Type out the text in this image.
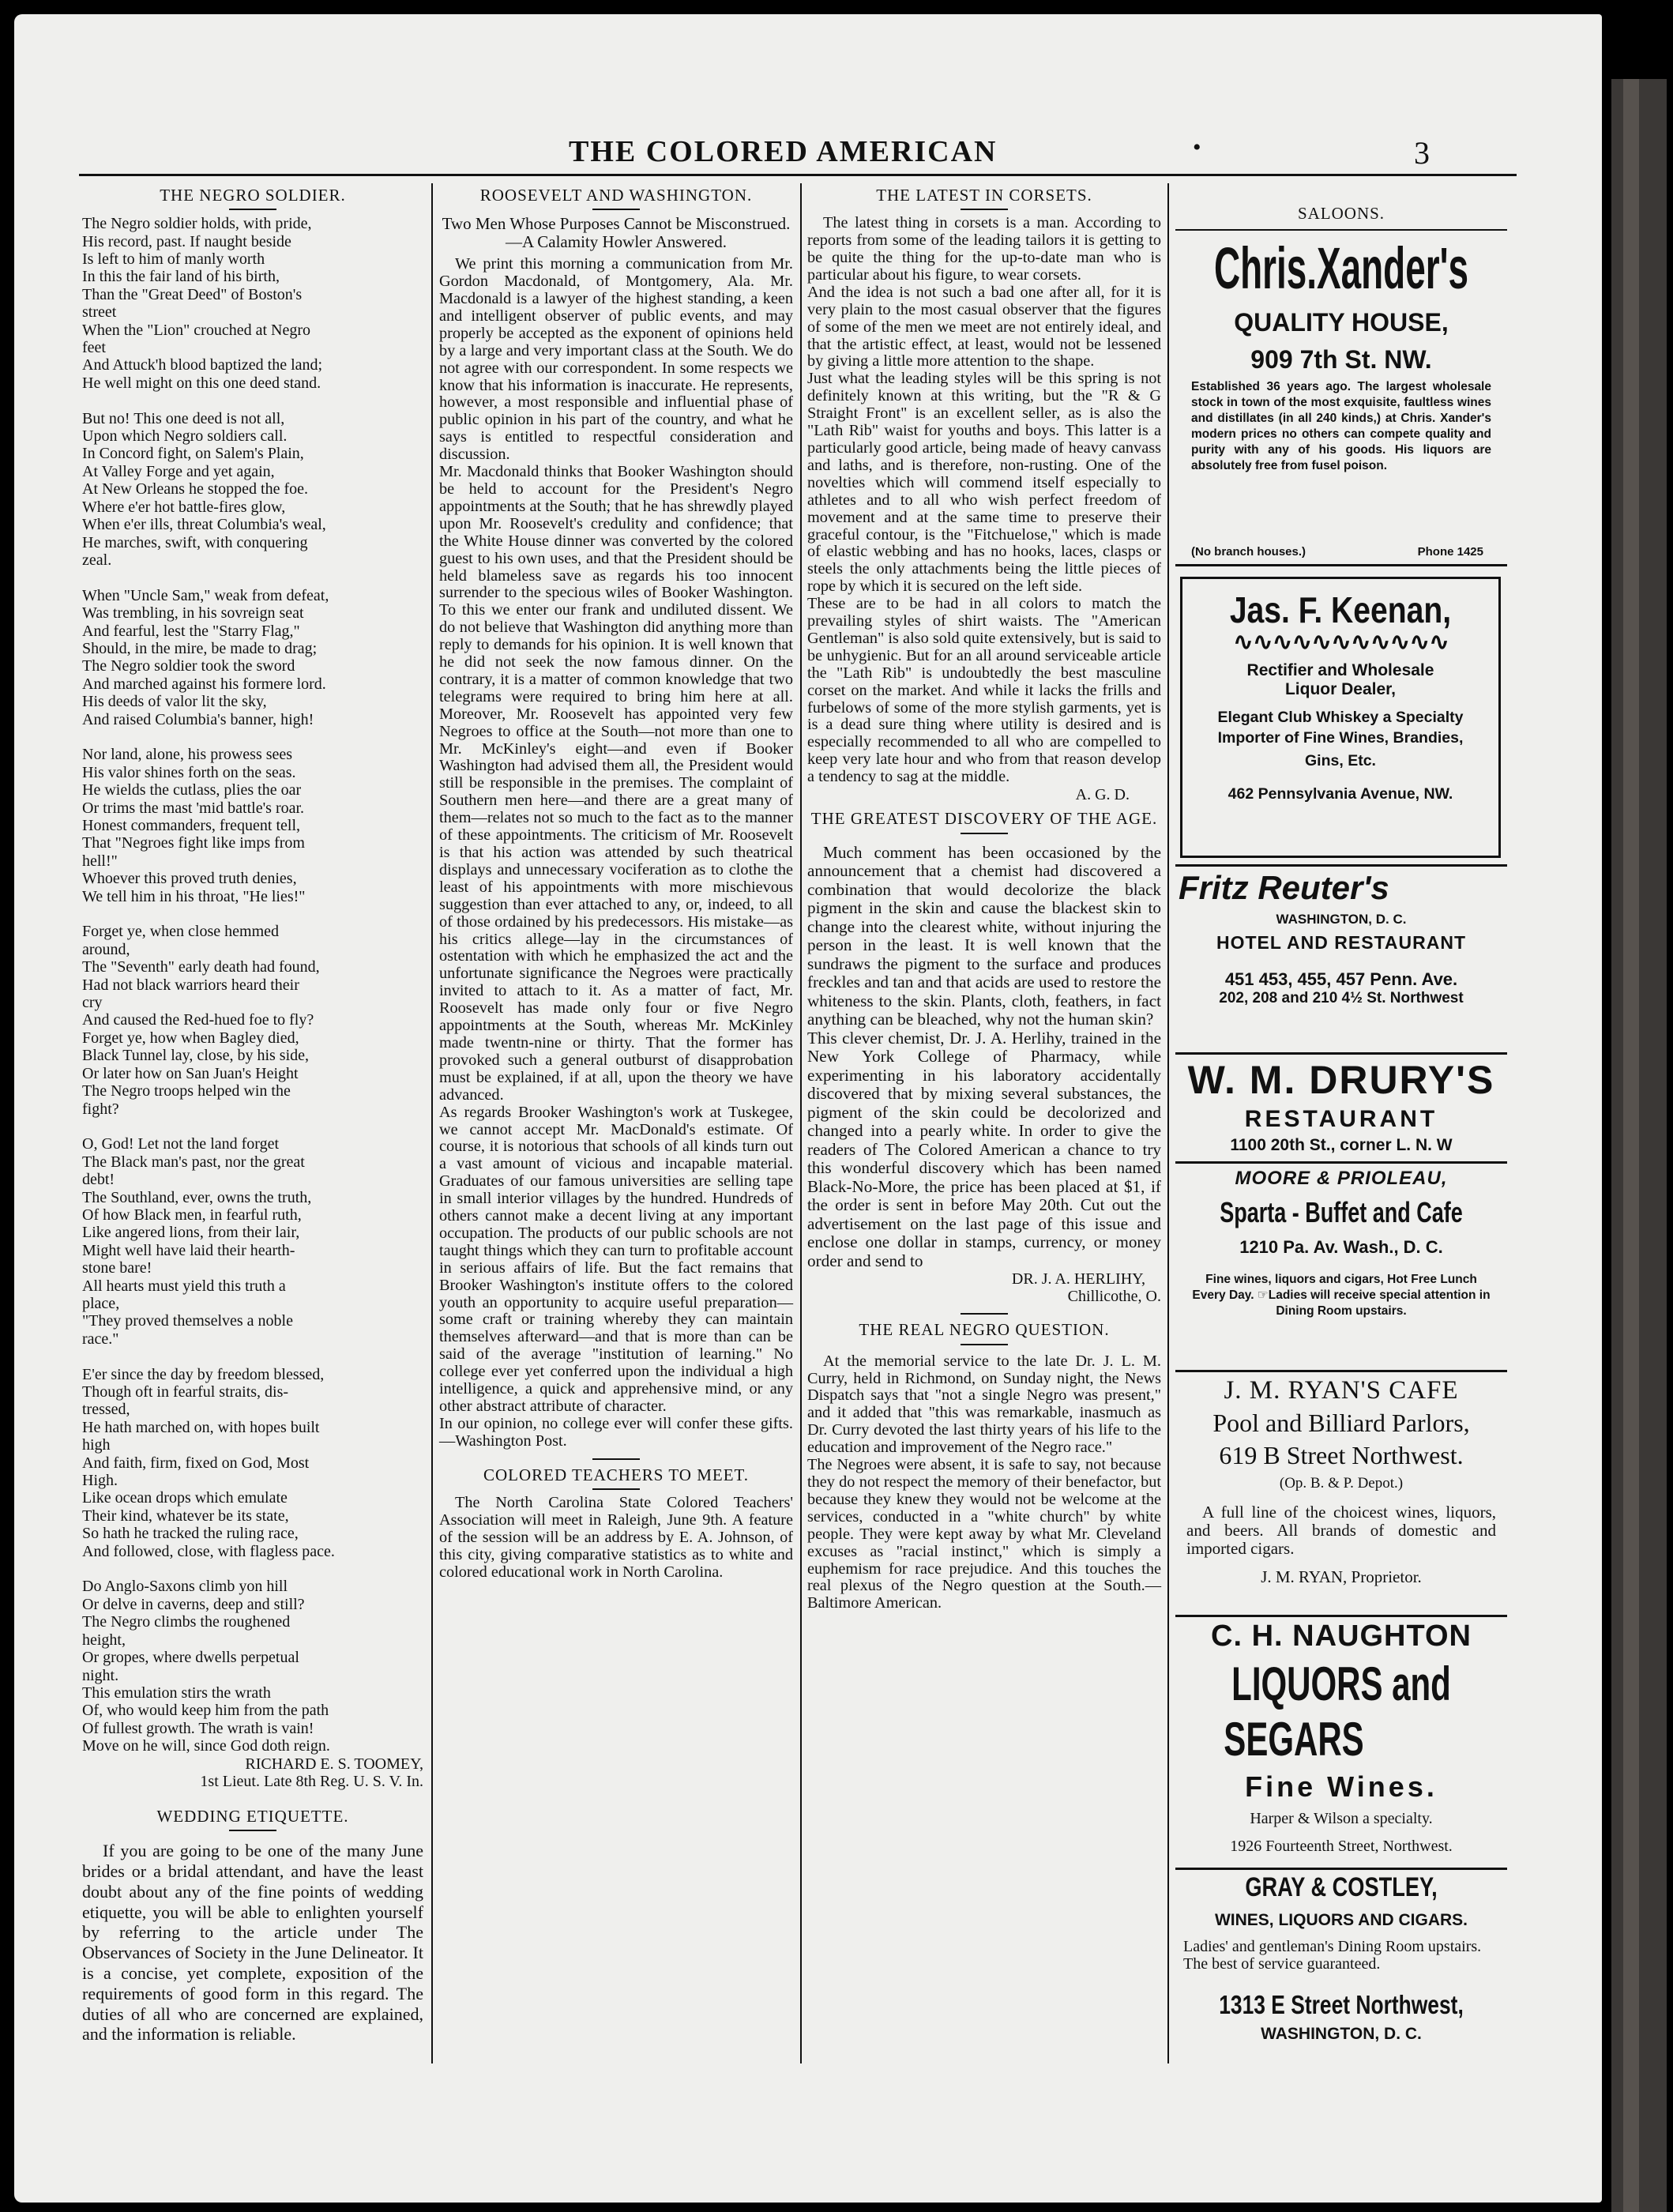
THE COLORED AMERICAN	•	3

THE NEGRO SOLDIER.

The Negro soldier holds, with pride,
His record, past. If naught beside
Is left to him of manly worth
In this the fair land of his birth,
Than the "Great Deed" of Boston's
street
When the "Lion" crouched at Negro
feet
And Attuck'h blood baptized the land;
He well might on this one deed stand.

But no! This one deed is not all,
Upon which Negro soldiers call.
In Concord fight, on Salem's Plain,
At Valley Forge and yet again,
At New Orleans he stopped the foe.
Where e'er hot battle-fires glow,
When e'er ills, threat Columbia's weal,
He marches, swift, with conquering
zeal.

When "Uncle Sam," weak from defeat,
Was trembling, in his sovreign seat
And fearful, lest the "Starry Flag,"
Should, in the mire, be made to drag;
The Negro soldier took the sword
And marched against his formere lord.
His deeds of valor lit the sky,
And raised Columbia's banner, high!

Nor land, alone, his prowess sees
His valor shines forth on the seas.
He wields the cutlass, plies the oar
Or trims the mast 'mid battle's roar.
Honest commanders, frequent tell,
That "Negroes fight like imps from
hell!"
Whoever this proved truth denies,
We tell him in his throat, "He lies!"

Forget ye, when close hemmed
around,
The "Seventh" early death had found,
Had not black warriors heard their
cry
And caused the Red-hued foe to fly?
Forget ye, how when Bagley died,
Black Tunnel lay, close, by his side,
Or later how on San Juan's Height
The Negro troops helped win the
fight?

O, God! Let not the land forget
The Black man's past, nor the great
debt!
The Southland, ever, owns the truth,
Of how Black men, in fearful ruth,
Like angered lions, from their lair,
Might well have laid their hearth-
stone bare!
All hearts must yield this truth a
place,
"They proved themselves a noble
race."

E'er since the day by freedom blessed,
Though oft in fearful straits, dis-
tressed,
He hath marched on, with hopes built
high
And faith, firm, fixed on God, Most
High.
Like ocean drops which emulate
Their kind, whatever be its state,
So hath he tracked the ruling race,
And followed, close, with flagless pace.

Do Anglo-Saxons climb yon hill
Or delve in caverns, deep and still?
The Negro climbs the roughened
height,
Or gropes, where dwells perpetual
night.
This emulation stirs the wrath
Of, who would keep him from the path
Of fullest growth. The wrath is vain!
Move on he will, since God doth reign.

RICHARD E. S. TOOMEY,
1st Lieut. Late 8th Reg. U. S. V. In.

WEDDING ETIQUETTE.

If you are going to be one of the many June brides or a bridal attendant, and have the least doubt about any of the fine points of wedding etiquette, you will be able to enlighten yourself by referring to the article under The Observances of Society in the June Delineator. It is a concise, yet complete, exposition of the requirements of good form in this regard. The duties of all who are concerned are explained, and the information is reliable.

ROOSEVELT AND WASHINGTON.

Two Men Whose Purposes Cannot be Misconstrued.—A Calamity Howler Answered.

We print this morning a communication from Mr. Gordon Macdonald, of Montgomery, Ala. Mr. Macdonald is a lawyer of the highest standing, a keen and intelligent observer of public events, and may properly be accepted as the exponent of opinions held by a large and very important class at the South. We do not agree with our correspondent. In some respects we know that his information is inaccurate. He represents, however, a most responsible and influential phase of public opinion in his part of the country, and what he says is entitled to respectful consideration and discussion.
Mr. Macdonald thinks that Booker Washington should be held to account for the President's Negro appointments at the South; that he has shrewdly played upon Mr. Roosevelt's credulity and confidence; that the White House dinner was converted by the colored guest to his own uses, and that the President should be held blameless save as regards his too innocent surrender to the specious wiles of Booker Washington. To this we enter our frank and undiluted dissent. We do not believe that Washington did anything more than reply to demands for his opinion. It is well known that he did not seek the now famous dinner. On the contrary, it is a matter of common knowledge that two telegrams were required to bring him here at all. Moreover, Mr. Roosevelt has appointed very few Negroes to office at the South—not more than one to Mr. McKinley's eight—and even if Booker Washington had advised them all, the President would still be responsible in the premises. The complaint of Southern men here—and there are a great many of them—relates not so much to the fact as to the manner of these appointments. The criticism of Mr. Roosevelt is that his action was attended by such theatrical displays and unnecessary vociferation as to clothe the least of his appointments with more mischievous suggestion than ever attached to any, or, indeed, to all of those ordained by his predecessors. His mistake—as his critics allege—lay in the circumstances of ostentation with which he emphasized the act and the unfortunate significance the Negroes were practically invited to attach to it. As a matter of fact, Mr. Roosevelt has made only four or five Negro appointments at the South, whereas Mr. McKinley made twentn-nine or thirty. That the former has provoked such a general outburst of disapprobation must be explained, if at all, upon the theory we have advanced.
As regards Brooker Washington's work at Tuskegee, we cannot accept Mr. MacDonald's estimate. Of course, it is notorious that schools of all kinds turn out a vast amount of vicious and incapable material. Graduates of our famous universities are selling tape in small interior villages by the hundred. Hundreds of others cannot make a decent living at any important occupation. The products of our public schools are not taught things which they can turn to profitable account in serious affairs of life. But the fact remains that Brooker Washington's institute offers to the colored youth an opportunity to acquire useful preparation—some craft or training whereby they can maintain themselves afterward—and that is more than can be said of the average "institution of learning." No college ever yet conferred upon the individual a high intelligence, a quick and apprehensive mind, or any other abstract attribute of character.
In our opinion, no college ever will confer these gifts.—Washington Post.

COLORED TEACHERS TO MEET.

The North Carolina State Colored Teachers' Association will meet in Raleigh, June 9th. A feature of the session will be an address by E. A. Johnson, of this city, giving comparative statistics as to white and colored educational work in North Carolina.

THE LATEST IN CORSETS.

The latest thing in corsets is a man. According to reports from some of the leading tailors it is getting to be quite the thing for the up-to-date man who is particular about his figure, to wear corsets.
And the idea is not such a bad one after all, for it is very plain to the most casual observer that the figures of some of the men we meet are not entirely ideal, and that the artistic effect, at least, would not be lessened by giving a little more attention to the shape.
Just what the leading styles will be this spring is not definitely known at this writing, but the "R & G Straight Front" is an excellent seller, as is also the "Lath Rib" waist for youths and boys. This latter is a particularly good article, being made of heavy canvass and laths, and is therefore, non-rusting. One of the novelties which will commend itself especially to athletes and to all who wish perfect freedom of movement and at the same time to preserve their graceful contour, is the "Fitchuelose," which is made of elastic webbing and has no hooks, laces, clasps or steels the only attachments being the little pieces of rope by which it is secured on the left side.
These are to be had in all colors to match the prevailing styles of shirt waists. The "American Gentleman" is also sold quite extensively, but is said to be unhygienic. But for an all around serviceable article the "Lath Rib" is undoubtedly the best masculine corset on the market. And while it lacks the frills and furbelows of some of the more stylish garments, yet is is a dead sure thing where utility is desired and is especially recommended to all who are compelled to keep very late hour and who from that reason develop a tendency to sag at the middle.

A. G. D.

THE GREATEST DISCOVERY OF THE AGE.

Much comment has been occasioned by the announcement that a chemist had discovered a combination that would decolorize the black pigment in the skin and cause the blackest skin to change into the clearest white, without injuring the person in the least. It is well known that the sundraws the pigment to the surface and produces freckles and tan and that acids are used to restore the whiteness to the skin. Plants, cloth, feathers, in fact anything can be bleached, why not the human skin?
This clever chemist, Dr. J. A. Herlihy, trained in the New York College of Pharmacy, while experimenting in his laboratory accidentally discovered that by mixing several substances, the pigment of the skin could be decolorized and changed into a pearly white. In order to give the readers of The Colored American a chance to try this wonderful discovery which has been named Black-No-More, the price has been placed at $1, if the order is sent in before May 20th. Cut out the advertisement on the last page of this issue and enclose one dollar in stamps, currency, or money order and send to

DR. J. A. HERLIHY,
Chillicothe, O.

THE REAL NEGRO QUESTION.

At the memorial service to the late Dr. J. L. M. Curry, held in Richmond, on Sunday night, the News Dispatch says that "not a single Negro was present," and it added that "this was remarkable, inasmuch as Dr. Curry devoted the last thirty years of his life to the education and improvement of the Negro race."
The Negroes were absent, it is safe to say, not because they do not respect the memory of their benefactor, but because they knew they would not be welcome at the services, conducted in a "white church" by white people. They were kept away by what Mr. Cleveland excuses as "racial instinct," which is simply a euphemism for race prejudice. And this touches the real plexus of the Negro question at the South.—Baltimore American.

SALOONS.
Chris.Xander's
QUALITY HOUSE,
909 7th St. NW.
Established 36 years ago. The largest wholesale stock in town of the most exquisite, faultless wines and distillates (in all 240 kinds,) at Chris. Xander's modern prices no others can compete quality and purity with any of his goods. His liquors are absolutely free from fusel poison.
(No branch houses.)	Phone 1425
Jas. F. Keenan,
∿∿∿∿∿∿∿∿∿∿∿
Rectifier and Wholesale
Liquor Dealer,
Elegant Club Whiskey a Specialty
Importer of Fine Wines, Brandies, Gins, Etc.
462 Pennsylvania Avenue, NW.
Fritz Reuter's
WASHINGTON, D. C.
HOTEL AND RESTAURANT
451 453, 455, 457 Penn. Ave.
202, 208 and 210 4½ St. Northwest
W. M. DRURY'S
RESTAURANT
1100 20th St., corner L. N. W
MOORE & PRIOLEAU,
Sparta - Buffet and Cafe
1210 Pa. Av. Wash., D. C.
Fine wines, liquors and cigars, Hot Free Lunch Every Day. ☞Ladies will receive special attention in Dining Room upstairs.
J. M. RYAN'S CAFE
Pool and Billiard Parlors,
619 B Street Northwest.
(Op. B. & P. Depot.)
A full line of the choicest wines, liquors, and beers. All brands of domestic and imported cigars.
J. M. RYAN, Proprietor.
C. H. NAUGHTON
LIQUORS and
SEGARS
Fine Wines.
Harper & Wilson a specialty.
1926 Fourteenth Street, Northwest.
GRAY & COSTLEY,
WINES, LIQUORS AND CIGARS.
Ladies' and gentleman's Dining Room upstairs. The best of service guaranteed.
1313 E Street Northwest,
WASHINGTON, D. C.
